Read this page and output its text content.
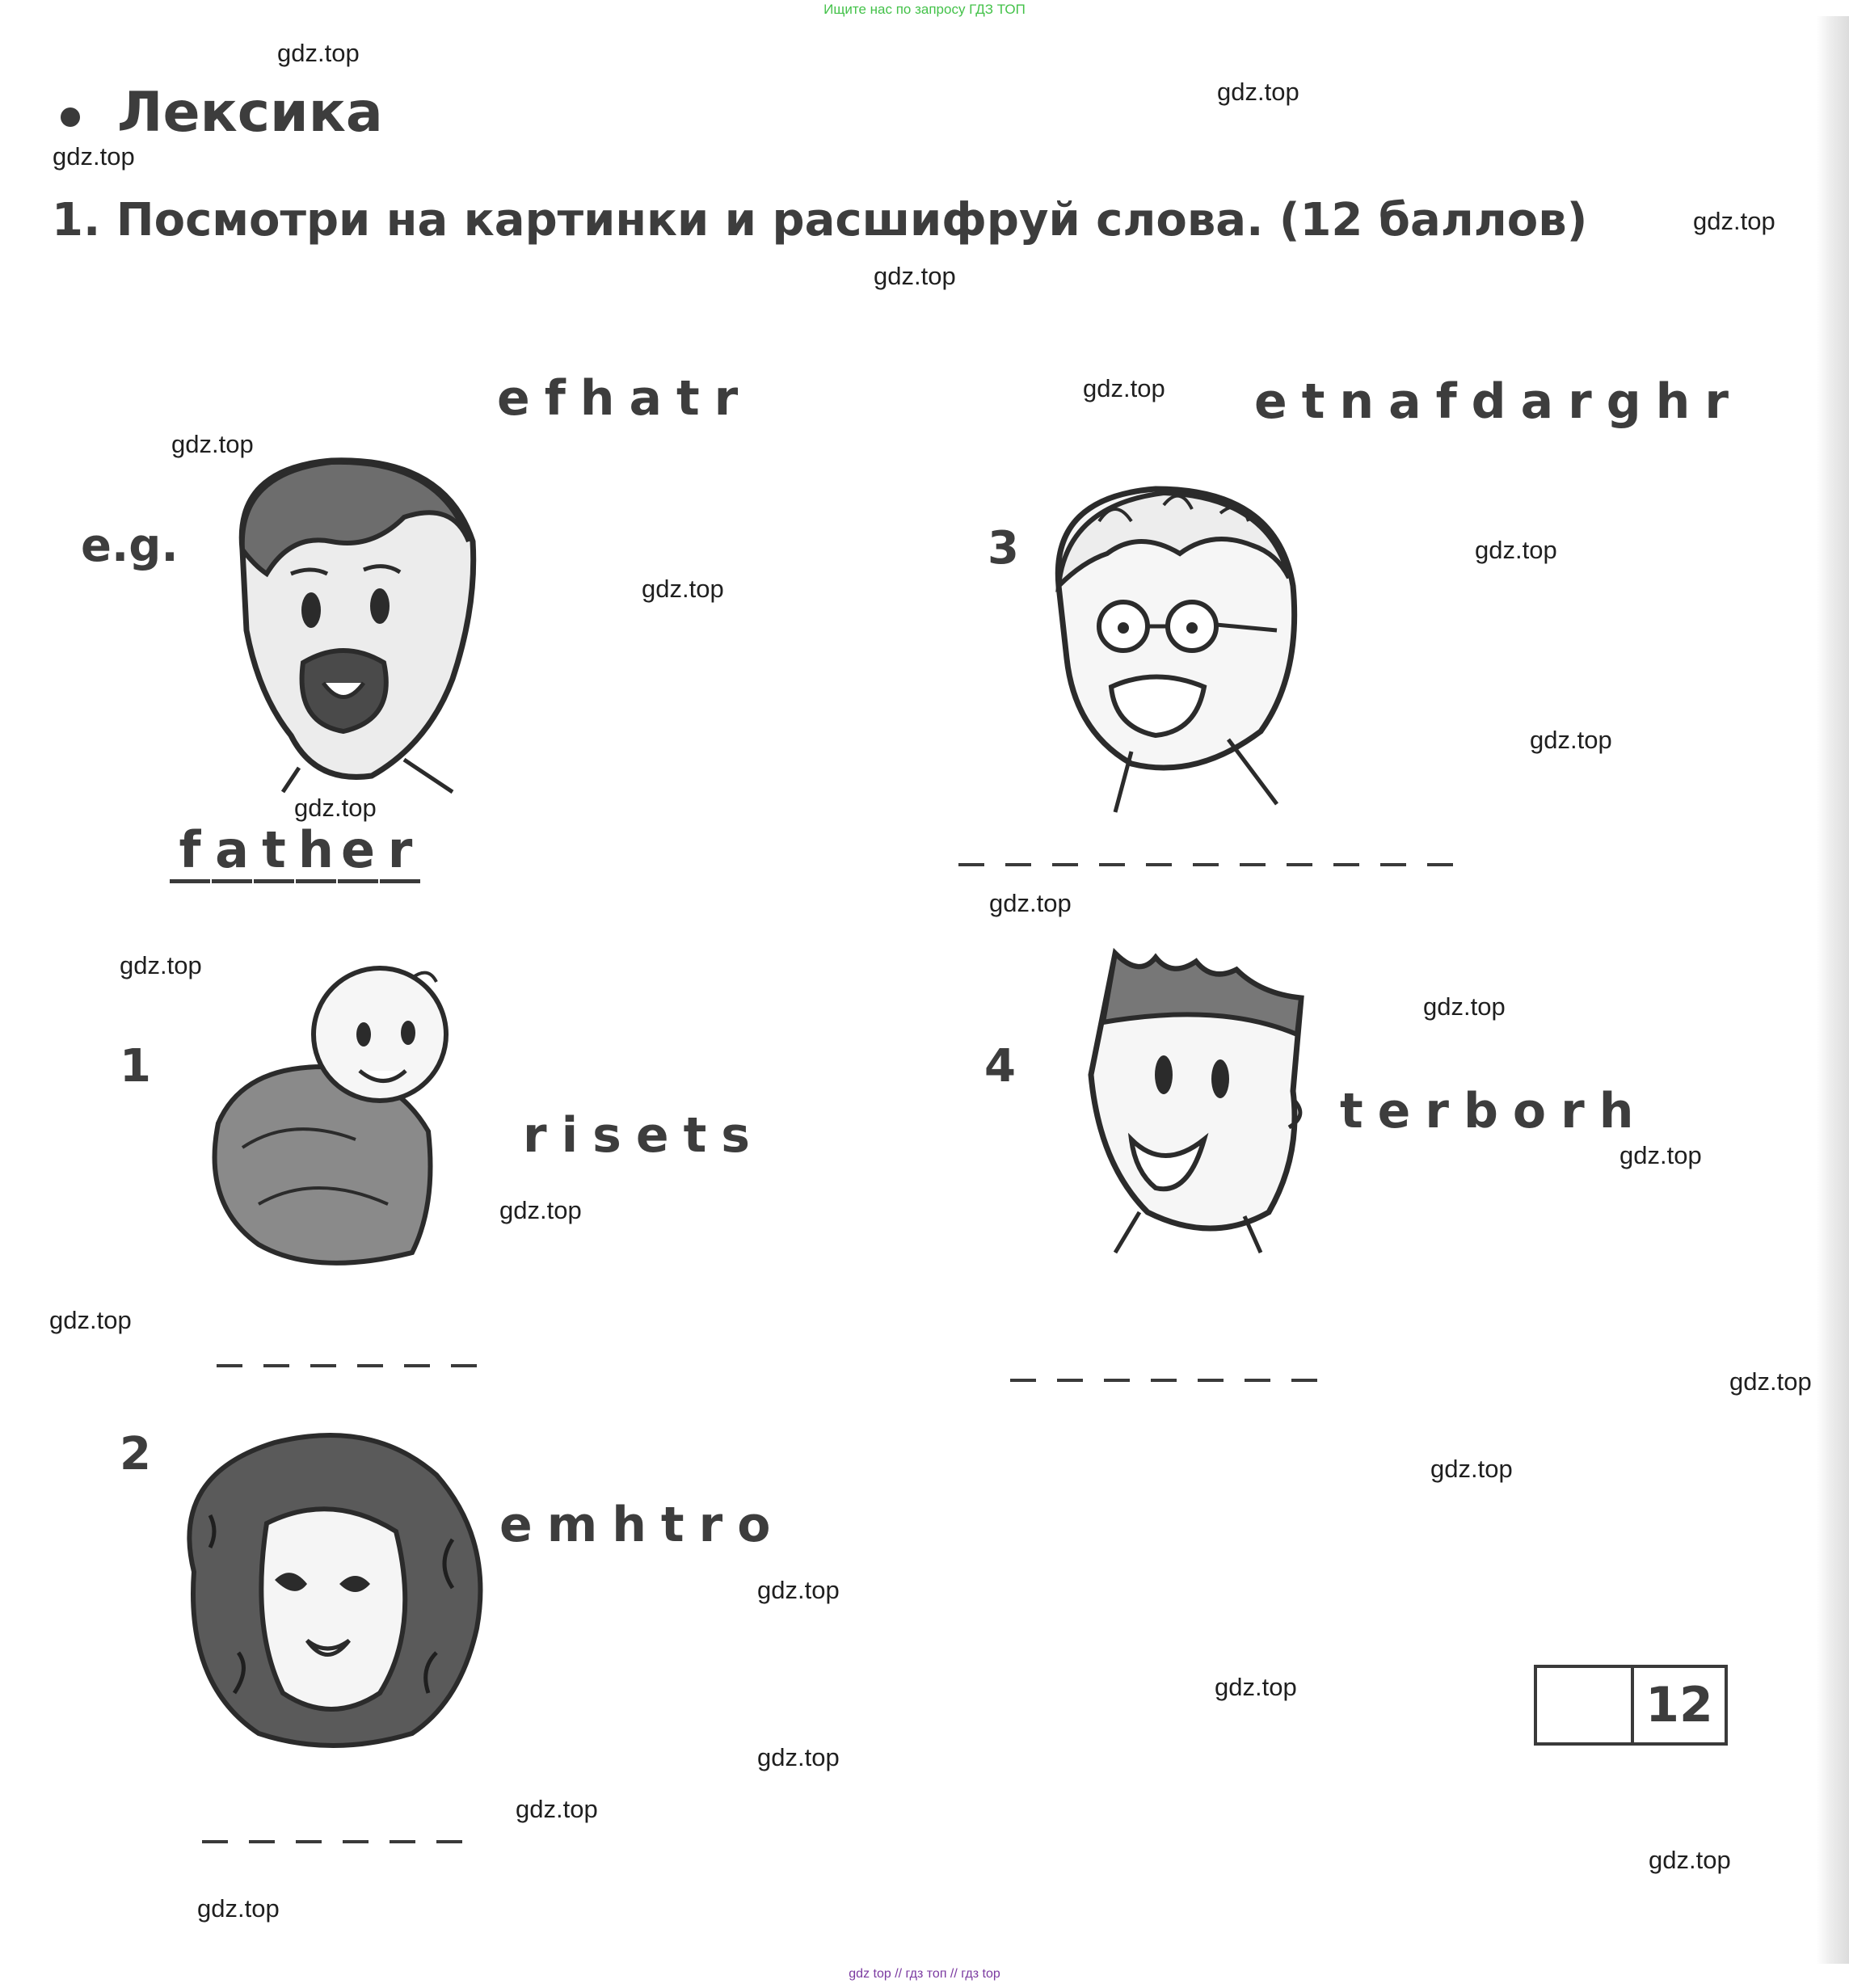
Ищите нас по запросу ГДЗ ТОП
gdz.top
gdz.top
gdz.top
gdz.top
gdz.top
gdz.top
gdz.top
gdz.top
gdz.top
gdz.top
gdz.top
gdz.top
gdz.top
gdz.top
gdz.top
gdz.top
gdz.top
gdz.top
gdz.top
gdz.top
gdz.top
gdz.top
gdz.top
gdz.top
gdz.top
Лексика
1. Посмотри на картинки и расшифруй слова. (12 баллов)
efhatr
e.g.
f a t h e r
1
risets
2
emhtro
etnafdarghr
3
4
terborh
12
gdz top // гдз топ // гдз top
